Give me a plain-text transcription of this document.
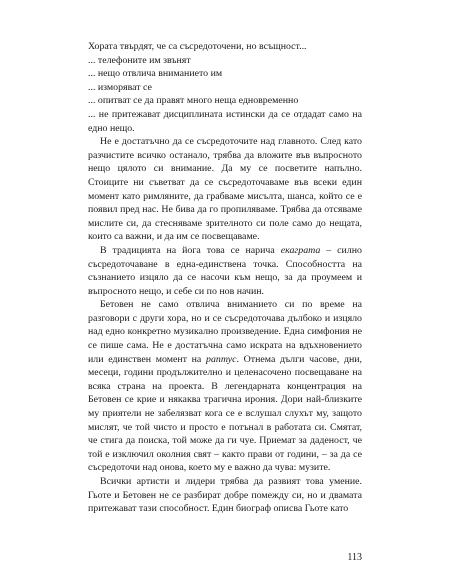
Хората твърдят, че са съсредоточени, но всъщност...

... телефоните им звънят
... нещо отвлича вниманието им
... изморяват се
... опитват се да правят много неща едновременно
... не притежават дисциплината истински да се отдадат само на едно нещо.

Не е достатъчно да се съсредоточите над главното. След като разчистите всичко останало, трябва да вложите във въпросното нещо цялото си внимание. Да му се посветите напълно. Стоиците ни съветват да се съсредоточаваме във всеки един момент като римляните, да грабваме мисълта, шанса, който се е появил пред нас. Не бива да го пропиляваме. Трябва да отсяваме мислите си, да стесняваме зрителното си поле само до нещата, които са важни, и да им се посвещаваме.

В традицията на йога това се нарича екаграта – силно съсредоточаване в една-единствена точка. Способността на съзнанието изцяло да се насочи към нещо, за да проумеем и въпросното нещо, и себе си по нов начин.

Бетовен не само отвлича вниманието си по време на разговори с други хора, но и се съсредоточава дълбоко и изцяло над едно конкретно музикално произведение. Една симфония не се пише сама. Не е достатъчна само искрата на вдъхновението или единствен момент на раптус. Отнема дълги часове, дни, месеци, години продължително и целенасочено посвещаване на всяка страна на проекта. В легендарната концентрация на Бетовен се крие и някаква трагична ирония. Дори най-близките му приятели не забелязват кога се е вслушал слухът му, защото мислят, че той чисто и просто е потънал в работата си. Смятат, че стига да поиска, той може да ги чуе. Приемат за даденост, че той е изключил околния свят – както прави от години, – за да се съсредоточи над онова, което му е важно да чува: музите.

Всички артисти и лидери трябва да развият това умение. Гьоте и Бетовен не се разбират добре помежду си, но и двамата притежават тази способност. Един биограф описва Гьоте като

113
